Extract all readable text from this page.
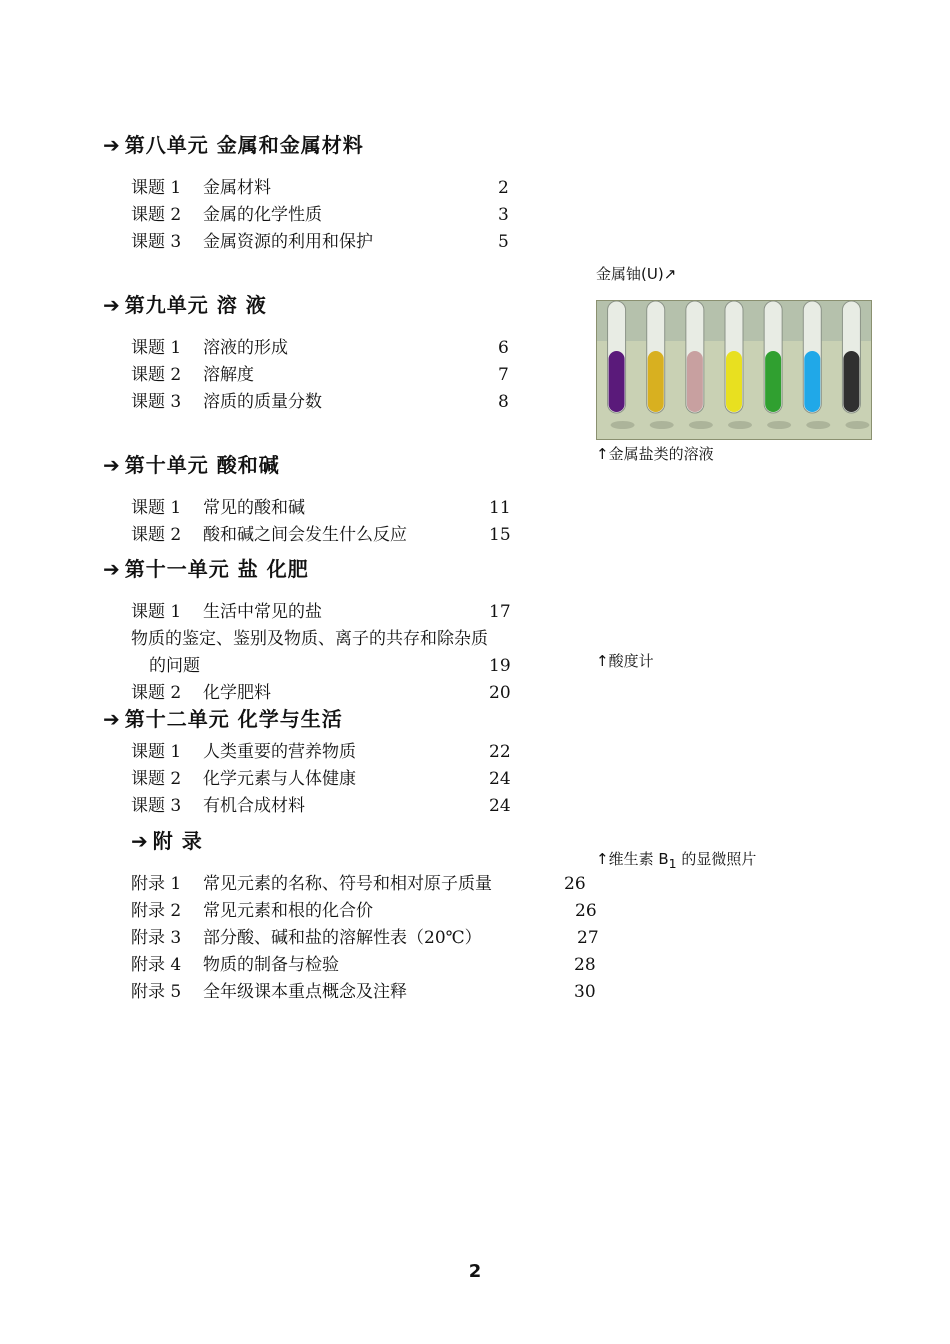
➔ 第八单元 金属和金属材料
课题 1 金属材料	2
课题 2 金属的化学性质	3
课题 3 金属资源的利用和保护	5
➔ 第九单元 溶 液
课题 1 溶液的形成	6
课题 2 溶解度	7
课题 3 溶质的质量分数	8
➔ 第十单元 酸和碱
课题 1 常见的酸和碱	11
课题 2 酸和碱之间会发生什么反应	15
➔ 第十一单元 盐 化肥
课题 1 生活中常见的盐	17
物质的鉴定、鉴别及物质、离子的共存和除杂质
的问题	19
课题 2 化学肥料	20
➔ 第十二单元 化学与生活
课题 1 人类重要的营养物质	22
课题 2 化学元素与人体健康	24
课题 3 有机合成材料	24
➔ 附 录
附录 1 常见元素的名称、符号和相对原子质量	26
附录 2 常见元素和根的化合价	26
附录 3 部分酸、碱和盐的溶解性表（20℃）	27
附录 4 物质的制备与检验	28
附录 5 全年级课本重点概念及注释	30
金属铀(U)↗
↑金属盐类的溶液
↑酸度计
↑维生素 $B_1$ 的显微照片
2
